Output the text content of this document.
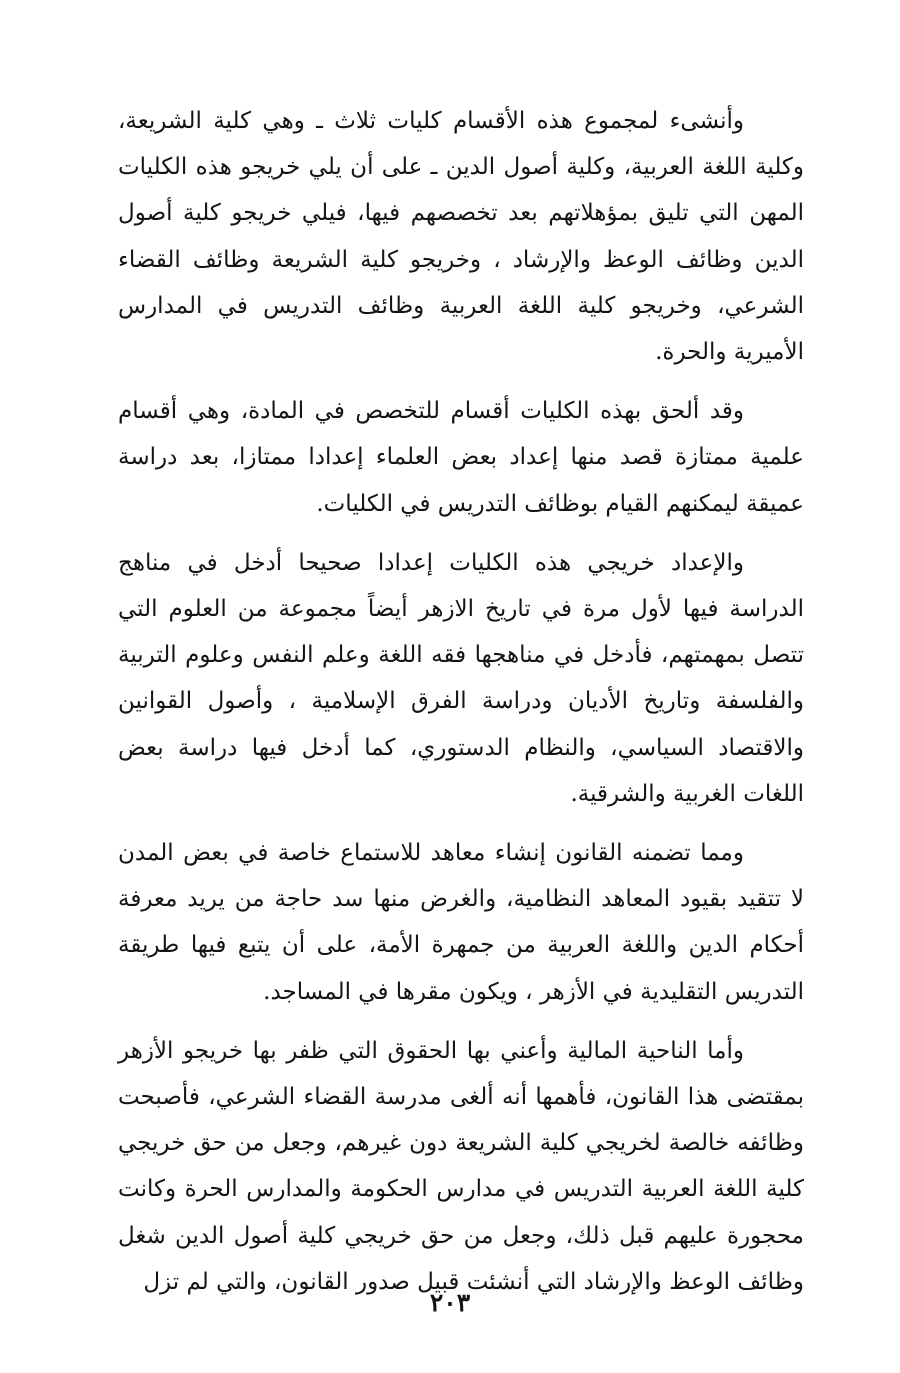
وأنشىء لمجموع هذه الأقسام كليات ثلاث ـ وهي كلية الشريعة، وكلية اللغة العربية، وكلية أصول الدين ـ على أن يلي خريجو هذه الكليات المهن التي تليق بمؤهلاتهم بعد تخصصهم فيها، فيلي خريجو كلية أصول الدين وظائف الوعظ والإرشاد ، وخريجو كلية الشريعة وظائف القضاء الشرعي، وخريجو كلية اللغة العربية وظائف التدريس في المدارس الأميرية والحرة.

وقد ألحق بهذه الكليات أقسام للتخصص في المادة، وهي أقسام علمية ممتازة قصد منها إعداد بعض العلماء إعدادا ممتازا، بعد دراسة عميقة ليمكنهم القيام بوظائف التدريس في الكليات.

والإعداد خريجي هذه الكليات إعدادا صحيحا أدخل في مناهج الدراسة فيها لأول مرة في تاريخ الازهر أيضاً مجموعة من العلوم التي تتصل بمهمتهم، فأدخل في مناهجها فقه اللغة وعلم النفس وعلوم التربية والفلسفة وتاريخ الأديان ودراسة الفرق الإسلامية ، وأصول القوانين والاقتصاد السياسي، والنظام الدستوري، كما أدخل فيها دراسة بعض اللغات الغربية والشرقية.

ومما تضمنه القانون إنشاء معاهد للاستماع خاصة في بعض المدن لا تتقيد بقيود المعاهد النظامية، والغرض منها سد حاجة من يريد معرفة أحكام الدين واللغة العربية من جمهرة الأمة، على أن يتبع فيها طريقة التدريس التقليدية في الأزهر ، ويكون مقرها في المساجد.

وأما الناحية المالية وأعني بها الحقوق التي ظفر بها خريجو الأزهر بمقتضى هذا القانون، فأهمها أنه ألغى مدرسة القضاء الشرعي، فأصبحت وظائفه خالصة لخريجي كلية الشريعة دون غيرهم، وجعل من حق خريجي كلية اللغة العربية التدريس في مدارس الحكومة والمدارس الحرة وكانت محجورة عليهم قبل ذلك، وجعل من حق خريجي كلية أصول الدين شغل وظائف الوعظ والإرشاد التي أنشئت قبيل صدور القانون، والتي لم تزل

٢٠٣
